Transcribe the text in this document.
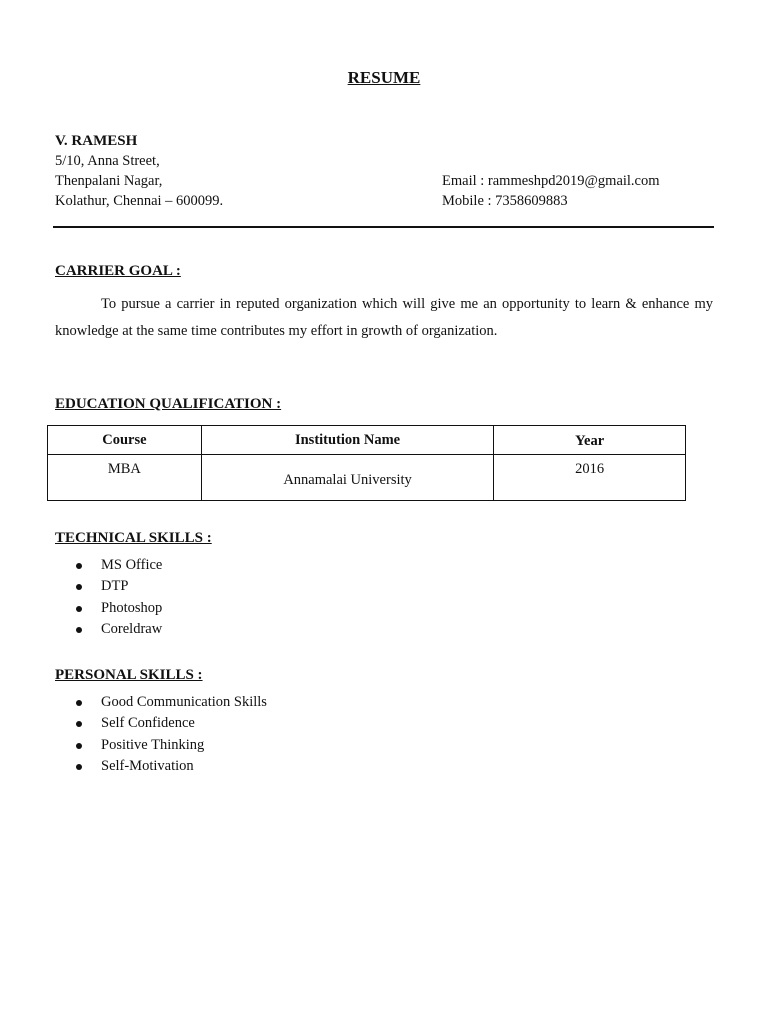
RESUME
V. RAMESH
5/10, Anna Street,
Thenpalani Nagar,
Kolathur, Chennai – 600099.
Email : rammeshpd2019@gmail.com
Mobile : 7358609883
CARRIER GOAL :

To pursue a carrier in reputed organization which will give me an opportunity to learn & enhance my knowledge at the same time contributes my effort in growth of organization.

EDUCATION QUALIFICATION :
Course	Institution Name	Year
MBA	Annamalai University	2016
TECHNICAL SKILLS :
MS Office
DTP
Photoshop
Coreldraw
PERSONAL SKILLS :
Good Communication Skills
Self Confidence
Positive Thinking
Self-Motivation
